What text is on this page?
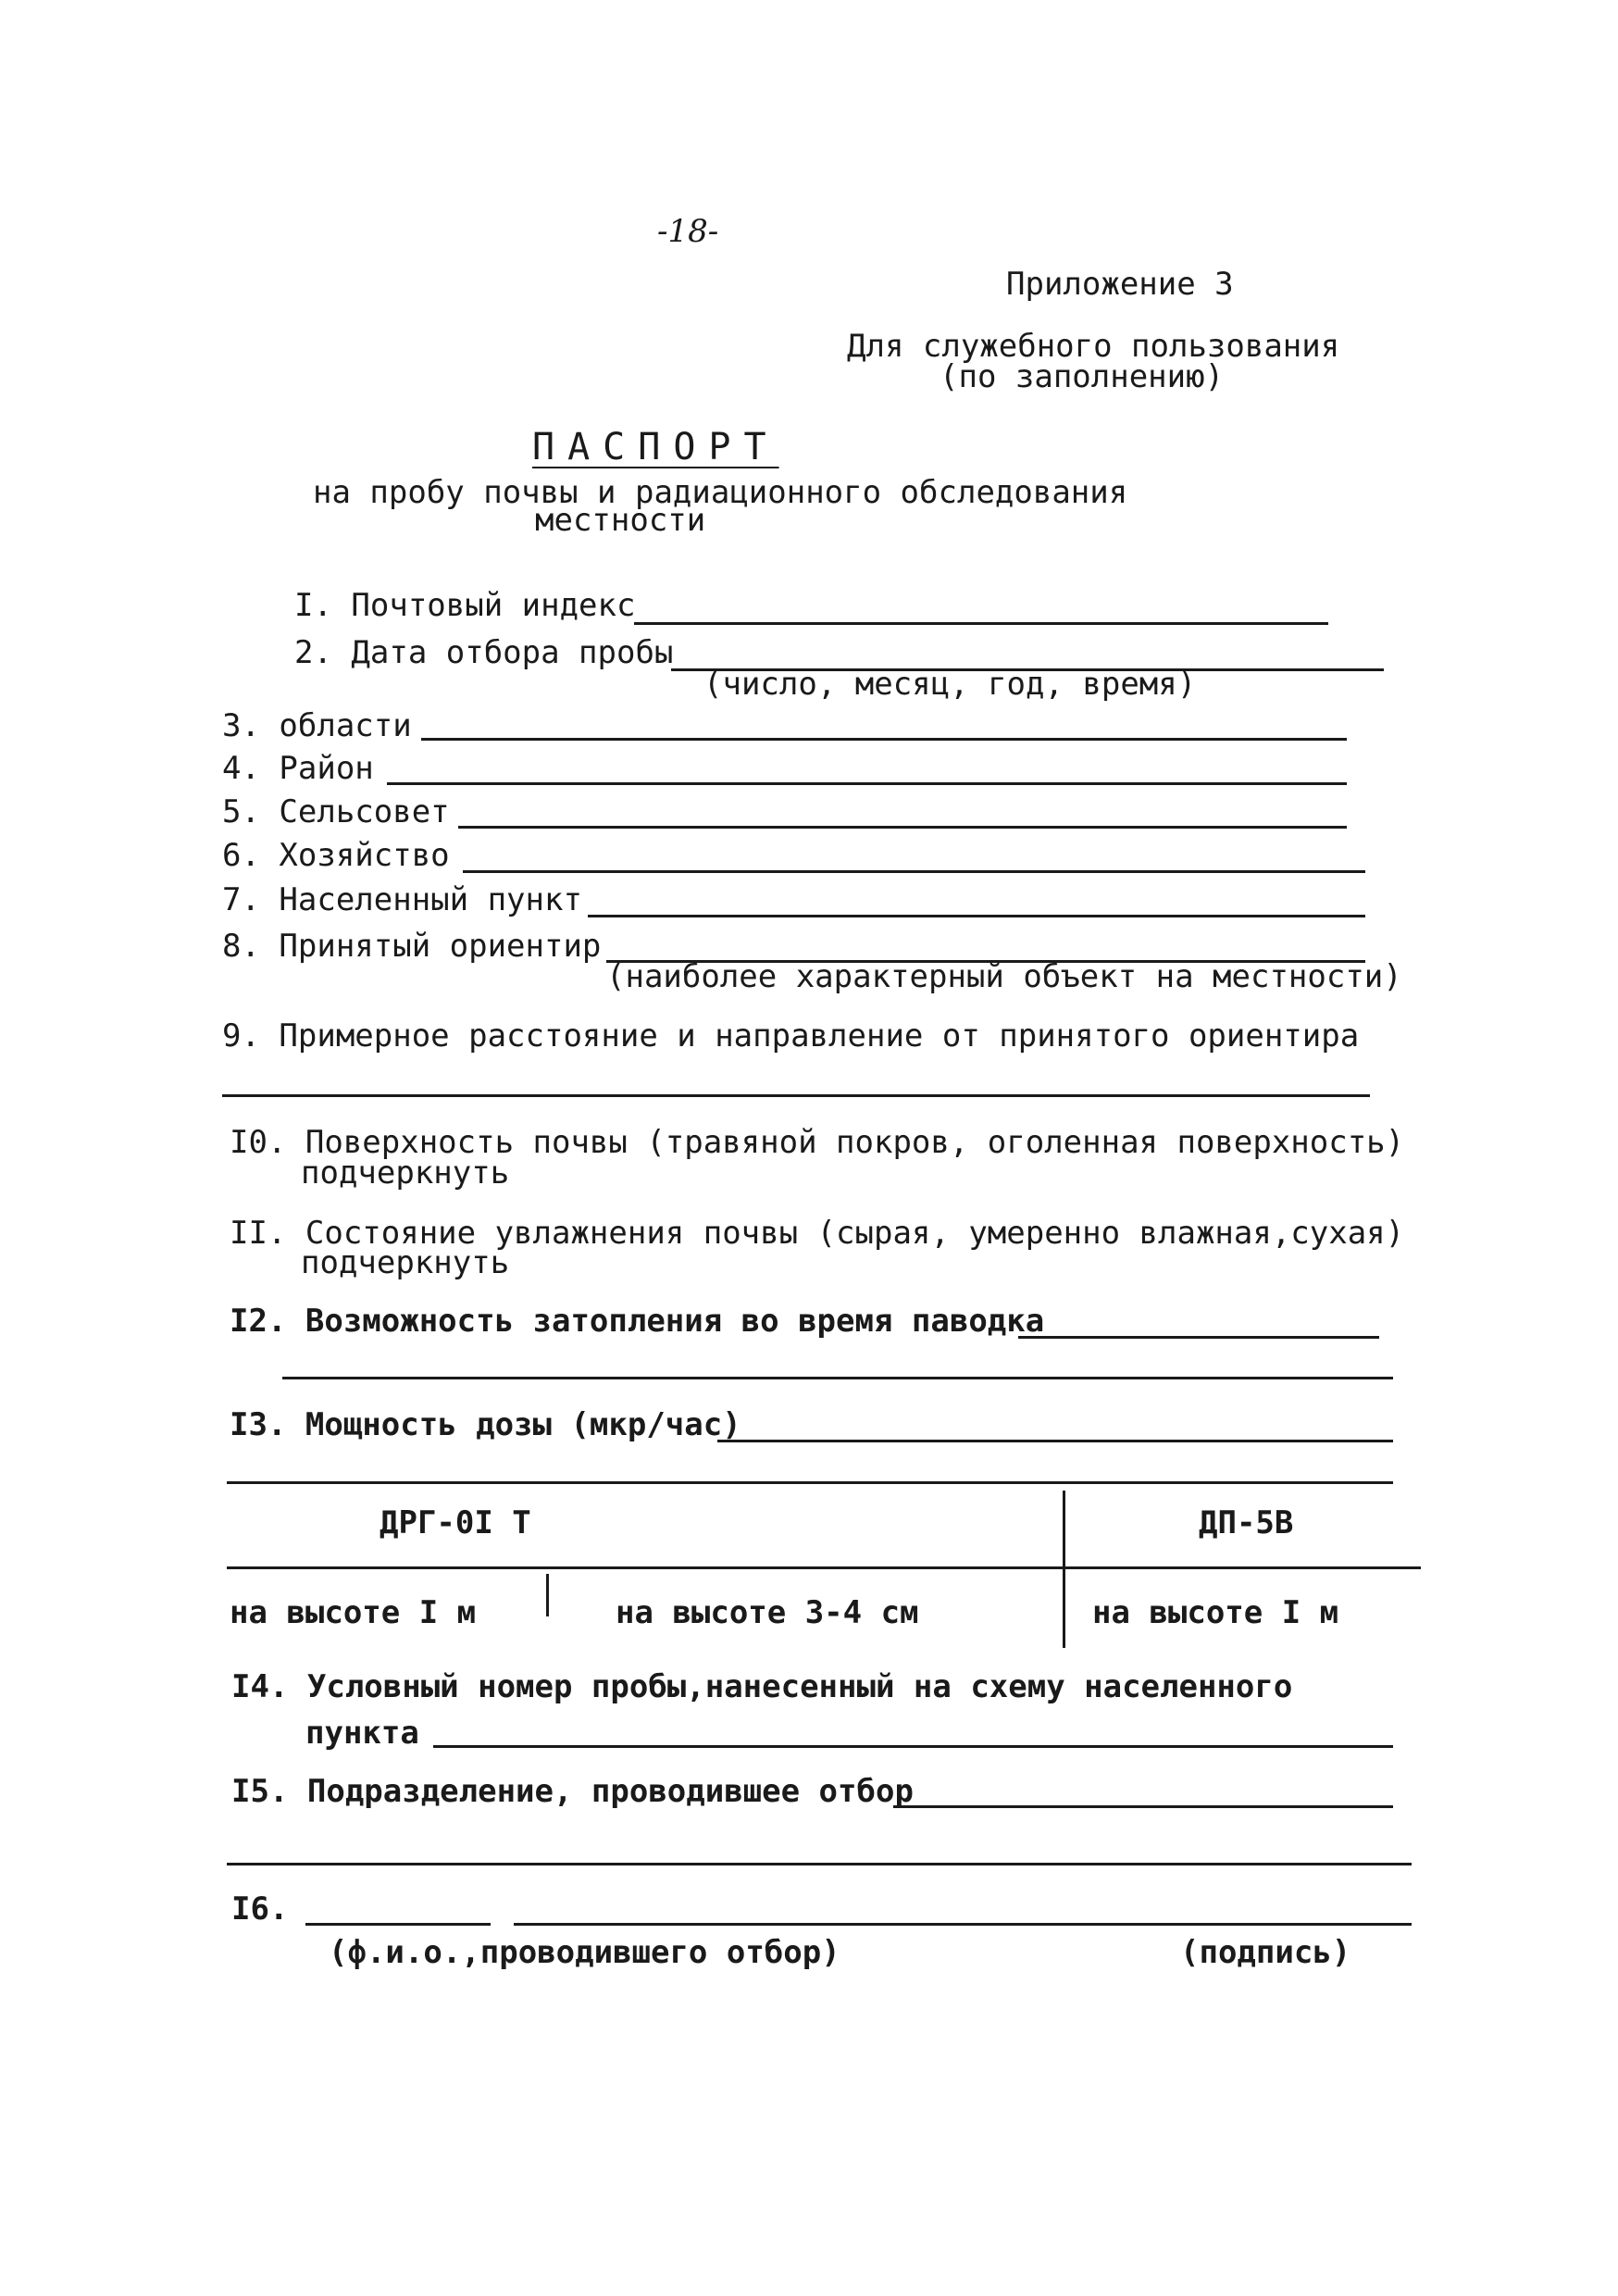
-18-
Приложение 3
Для служебного пользования
(по заполнению)
ПАСПОРТ
на пробу почвы и радиационного обследования
местности
I. Почтовый индекс
2. Дата отбора пробы
(число, месяц, год, время)
3. области
4. Район
5. Сельсовет
6. Хозяйство
7. Населенный пункт
8. Принятый ориентир
(наиболее характерный объект на местности)
9. Примерное расстояние и направление от принятого ориентира
I0. Поверхность почвы (травяной покров, оголенная поверхность)
подчеркнуть
II. Состояние увлажнения почвы (сырая, умеренно влажная,сухая)
подчеркнуть
I2. Возможность затопления во время паводка
I3. Мощность дозы (мкр/час)
ДРГ-0I Т	ДП-5В
на высоте I м	на высоте 3-4 см	на высоте I м
I4. Условный номер пробы,нанесенный на схему населенного
пункта
I5. Подразделение, проводившее отбор
I6.
(ф.и.о.,проводившего отбор)	(подпись)
